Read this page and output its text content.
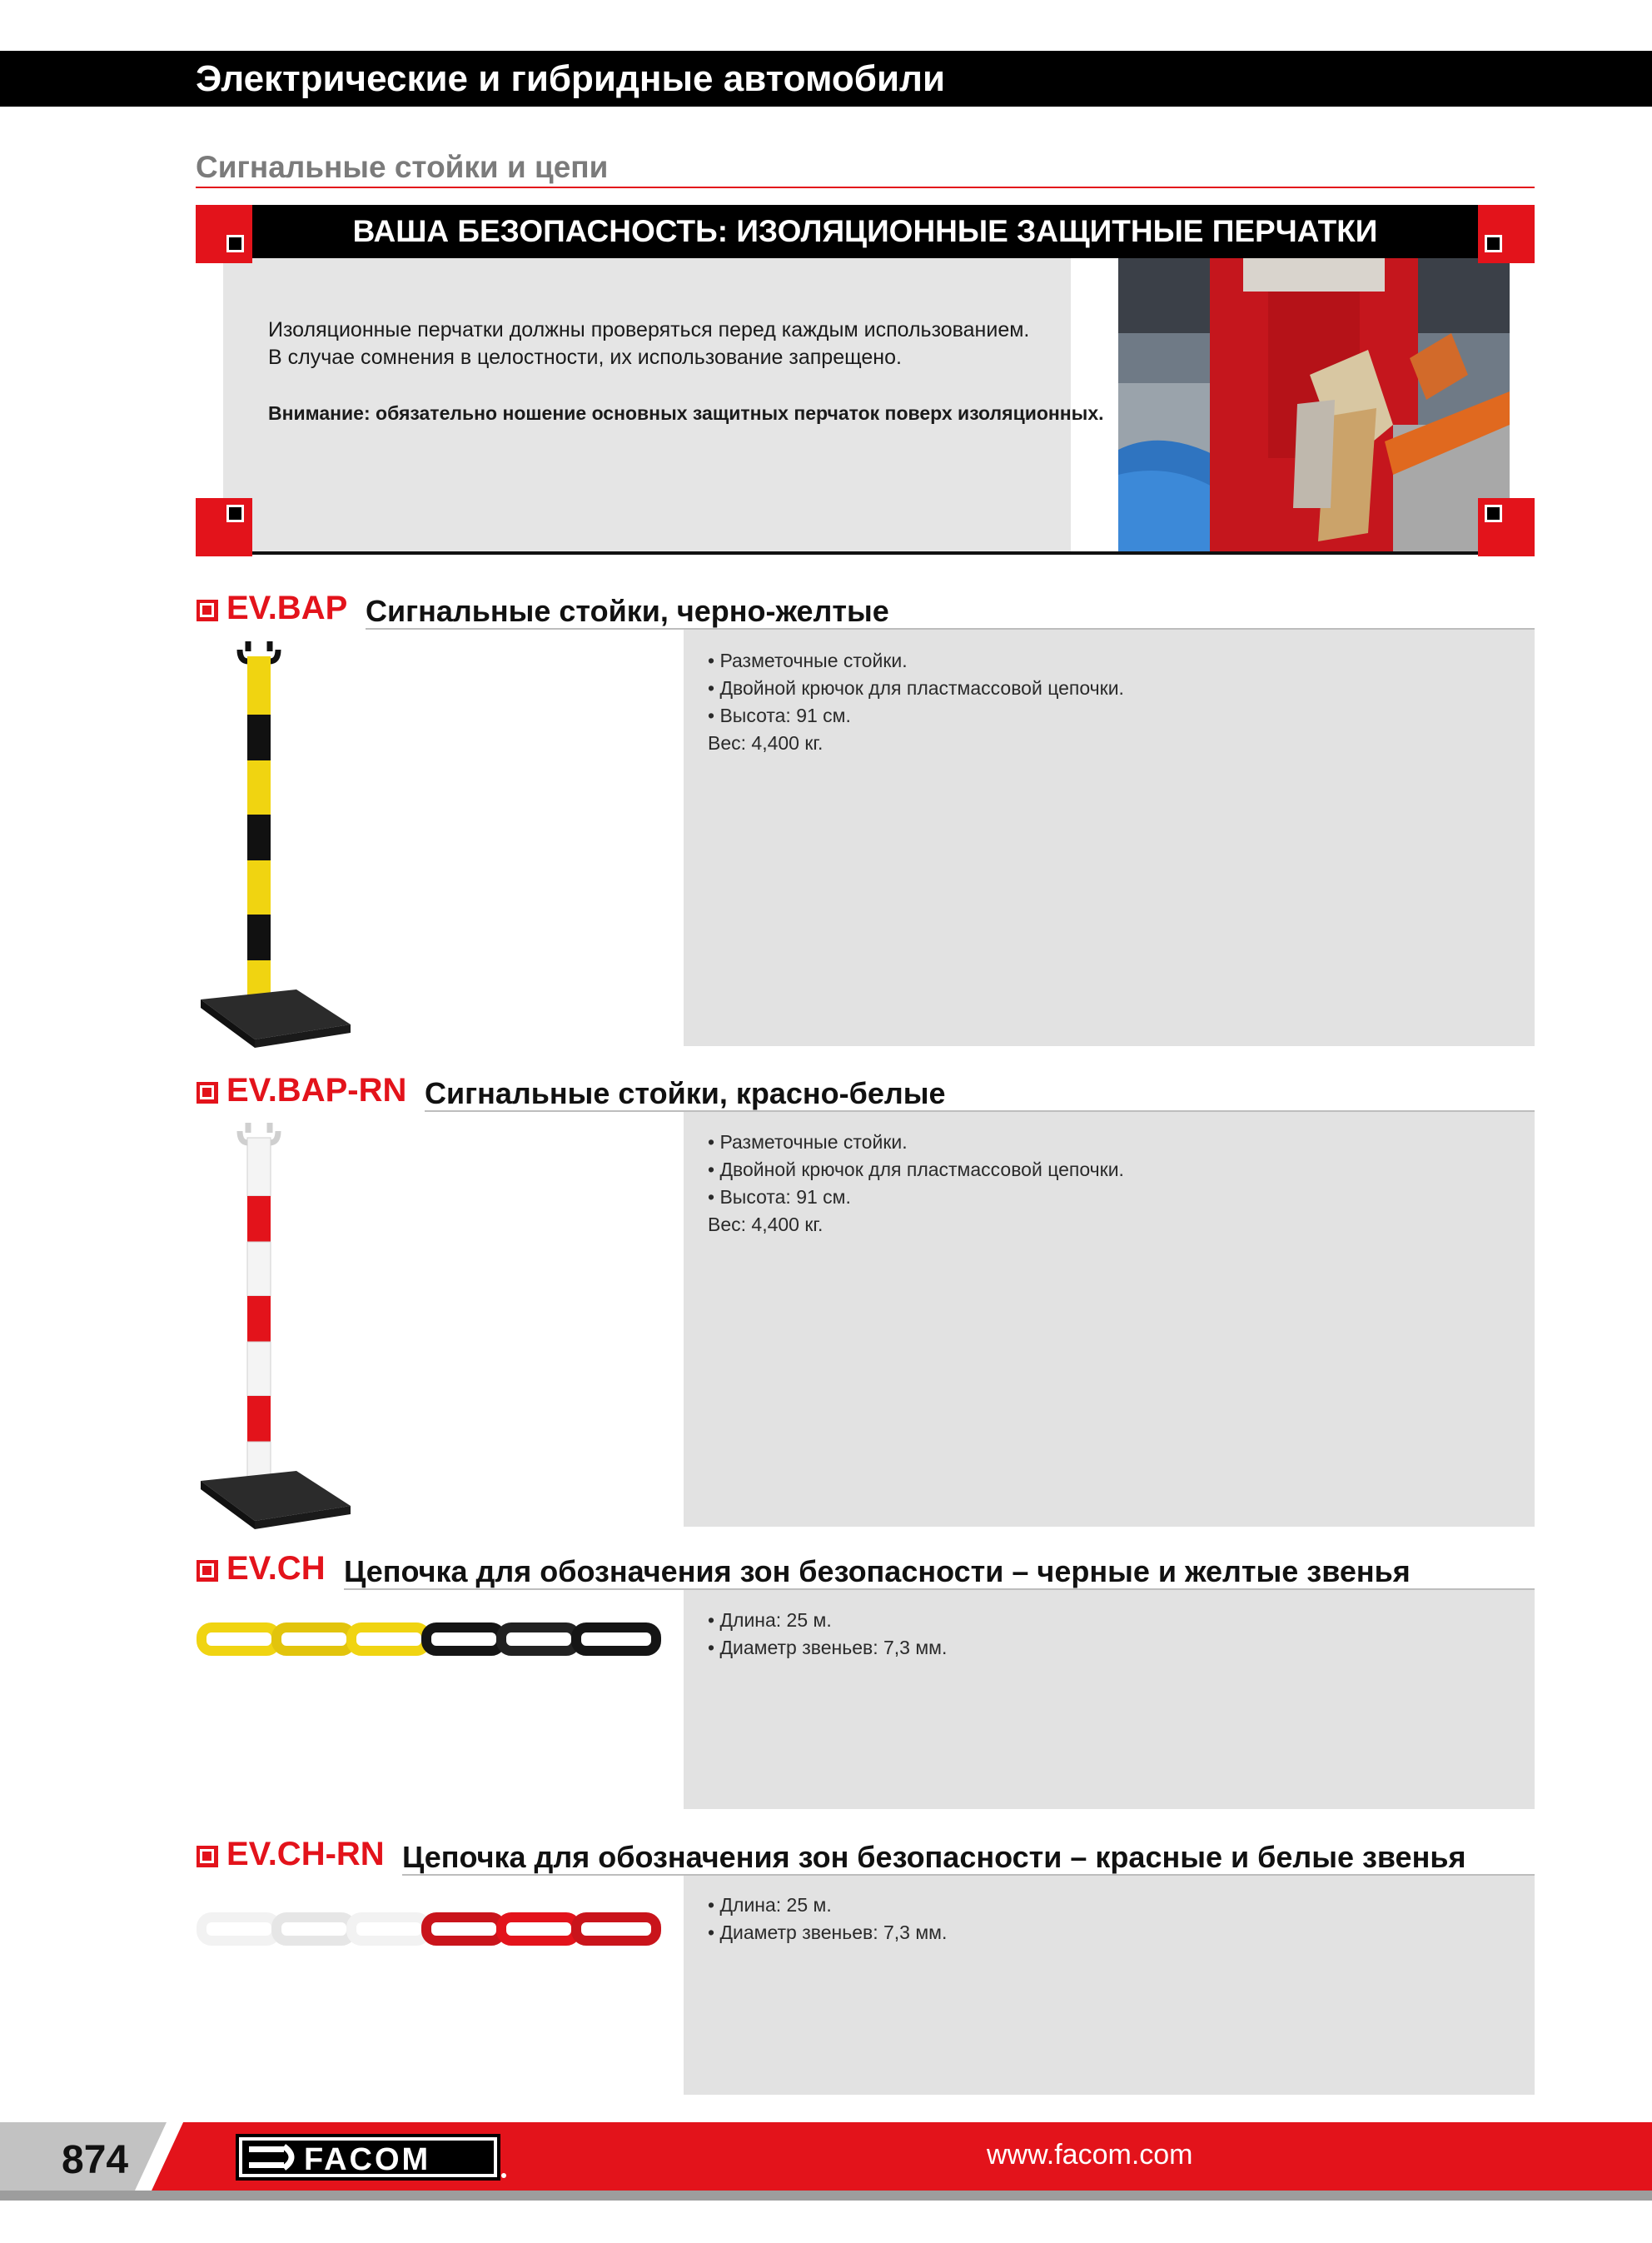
Электрические и гибридные автомобили
Сигнальные стойки и цепи
ВАША БЕЗОПАСНОСТЬ: ИЗОЛЯЦИОННЫЕ ЗАЩИТНЫЕ ПЕРЧАТКИ
Изоляционные перчатки должны проверяться перед каждым использованием.
В случае сомнения в целостности, их использование запрещено.
Внимание: обязательно ношение основных защитных перчаток поверх изоляционных.
EV.BAP Сигнальные стойки, черно-желтые
• Разметочные стойки.
• Двойной крючок для пластмассовой цепочки.
• Высота: 91 см.
Вес: 4,400 кг.
EV.BAP-RN Сигнальные стойки, красно-белые
• Разметочные стойки.
• Двойной крючок для пластмассовой цепочки.
• Высота: 91 см.
Вес: 4,400 кг.
EV.CH Цепочка для обозначения зон безопасности – черные и желтые звенья
• Длина: 25 м.
• Диаметр звеньев: 7,3 мм.
EV.CH-RN Цепочка для обозначения зон безопасности – красные и белые звенья
• Длина: 25 м.
• Диаметр звеньев: 7,3 мм.
874	FACOM	www.facom.com
